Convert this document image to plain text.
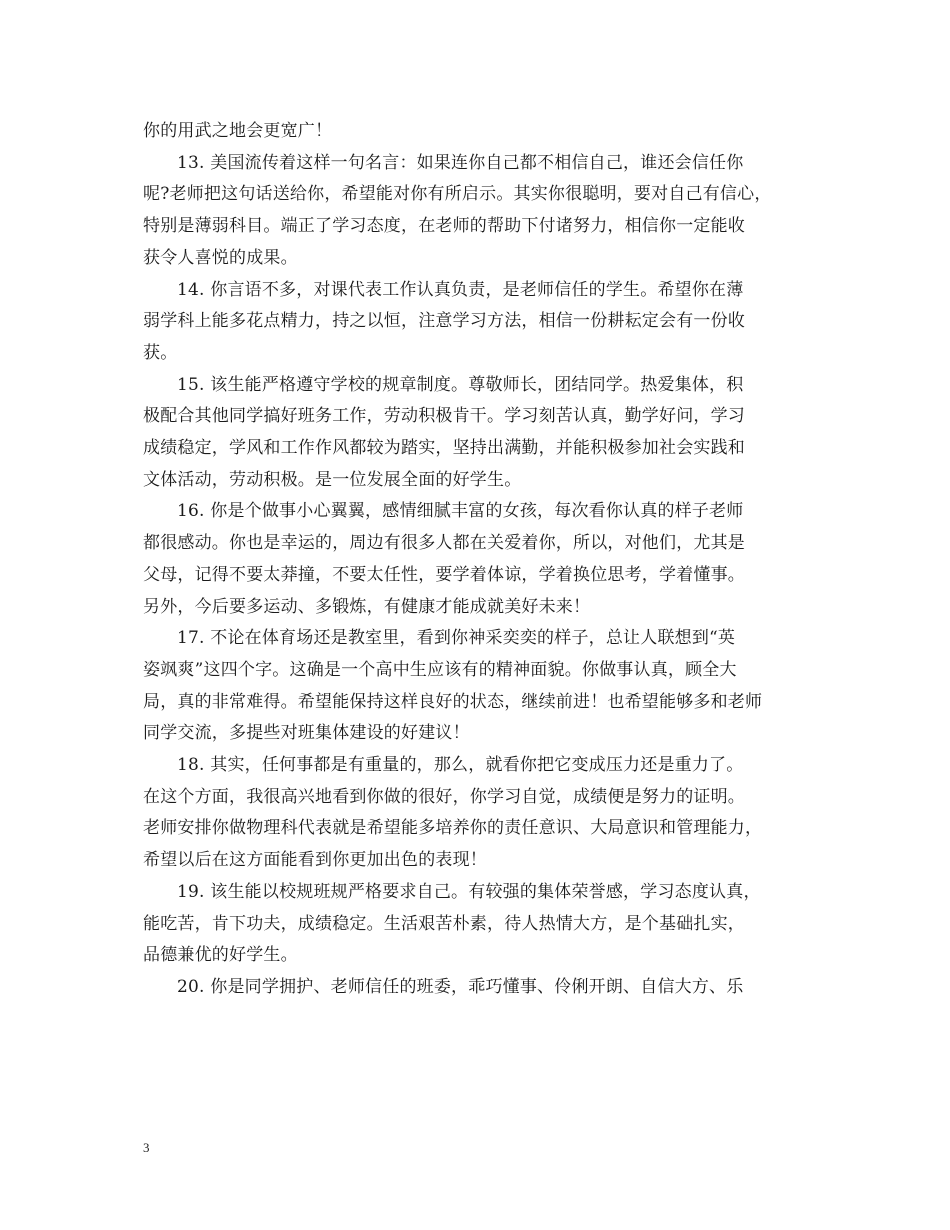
你的用武之地会更宽广！

13. 美国流传着这样一句名言：如果连你自己都不相信自己，谁还会信任你
呢?老师把这句话送给你，希望能对你有所启示。其实你很聪明，要对自己有信心，
特别是薄弱科目。端正了学习态度，在老师的帮助下付诸努力，相信你一定能收
获令人喜悦的成果。

14. 你言语不多，对课代表工作认真负责，是老师信任的学生。希望你在薄
弱学科上能多花点精力，持之以恒，注意学习方法，相信一份耕耘定会有一份收
获。

15. 该生能严格遵守学校的规章制度。尊敬师长，团结同学。热爱集体，积
极配合其他同学搞好班务工作，劳动积极肯干。学习刻苦认真，勤学好问，学习
成绩稳定，学风和工作作风都较为踏实，坚持出满勤，并能积极参加社会实践和
文体活动，劳动积极。是一位发展全面的好学生。

16. 你是个做事小心翼翼，感情细腻丰富的女孩，每次看你认真的样子老师
都很感动。你也是幸运的，周边有很多人都在关爱着你，所以，对他们，尤其是
父母，记得不要太莽撞，不要太任性，要学着体谅，学着换位思考，学着懂事。
另外，今后要多运动、多锻炼，有健康才能成就美好未来！

17. 不论在体育场还是教室里，看到你神采奕奕的样子，总让人联想到“英
姿飒爽”这四个字。这确是一个高中生应该有的精神面貌。你做事认真，顾全大
局，真的非常难得。希望能保持这样良好的状态，继续前进！也希望能够多和老师
同学交流，多提些对班集体建设的好建议！

18. 其实，任何事都是有重量的，那么，就看你把它变成压力还是重力了。
在这个方面，我很高兴地看到你做的很好，你学习自觉，成绩便是努力的证明。
老师安排你做物理科代表就是希望能多培养你的责任意识、大局意识和管理能力，
希望以后在这方面能看到你更加出色的表现！

19. 该生能以校规班规严格要求自己。有较强的集体荣誉感，学习态度认真，
能吃苦，肯下功夫，成绩稳定。生活艰苦朴素，待人热情大方，是个基础扎实，
品德兼优的好学生。

20. 你是同学拥护、老师信任的班委，乖巧懂事、伶俐开朗、自信大方、乐

3
